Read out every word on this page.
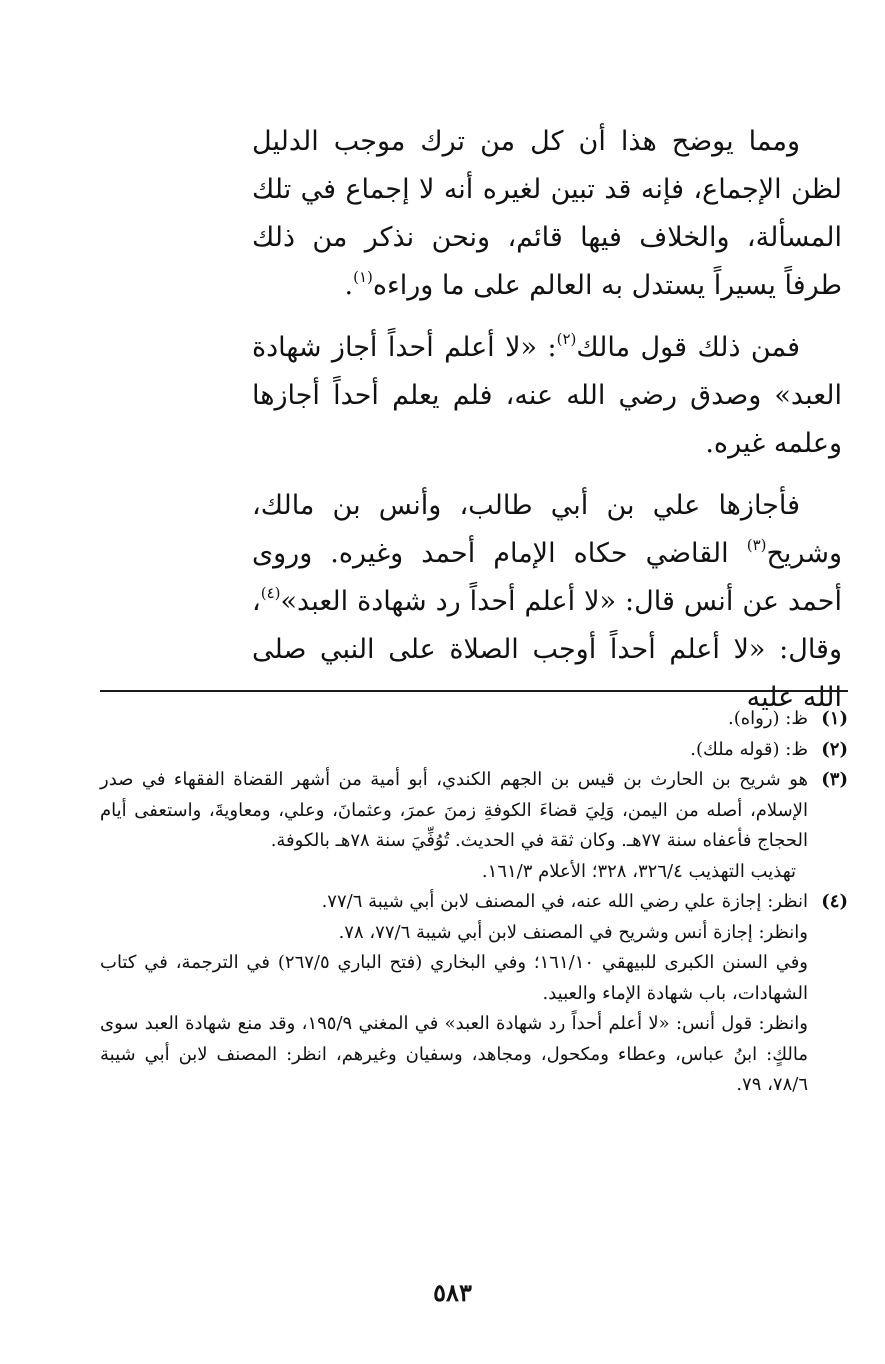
ومما يوضح هذا أن كل من ترك موجب الدليل لظن الإجماع، فإنه قد تبين لغيره أنه لا إجماع في تلك المسألة، والخلاف فيها قائم، ونحن نذكر من ذلك طرفاً يسيراً يستدل به العالم على ما وراءه$^{(١)}$.

فمن ذلك قول مالك$^{(٢)}$: «لا أعلم أحداً أجاز شهادة العبد» وصدق رضي الله عنه، فلم يعلم أحداً أجازها وعلمه غيره.

فأجازها علي بن أبي طالب، وأنس بن مالك، وشريح$^{(٣)}$ القاضي حكاه الإمام أحمد وغيره. وروى أحمد عن أنس قال: «لا أعلم أحداً رد شهادة العبد»$^{(٤)}$، وقال: «لا أعلم أحداً أوجب الصلاة على النبي صلى الله عليه

(١)

ظ: (رواه).

(٢)

ظ: (قوله ملك).

(٣)

هو شريح بن الحارث بن قيس بن الجهم الكندي، أبو أمية من أشهر القضاة الفقهاء في صدر الإسلام، أصله من اليمن، وَلِيَ قضاءَ الكوفةِ زمنَ عمرَ، وعثمانَ، وعلي، ومعاويةَ، واستعفى أيام الحجاج فأعفاه سنة ٧٧هـ. وكان ثقة في الحديث. تُوُفِّيَ سنة ٧٨هـ بالكوفة.

تهذيب التهذيب ٣٢٦/٤، ٣٢٨؛ الأعلام ١٦١/٣.

(٤)

انظر: إجازة علي رضي الله عنه، في المصنف لابن أبي شيبة ٧٧/٦.

وانظر: إجازة أنس وشريح في المصنف لابن أبي شيبة ٧٧/٦، ٧٨.

وفي السنن الكبرى للبيهقي ١٦١/١٠؛ وفي البخاري (فتح الباري ٢٦٧/٥) في الترجمة، في كتاب الشهادات، باب شهادة الإماء والعبيد.

وانظر: قول أنس: «لا أعلم أحداً رد شهادة العبد» في المغني ١٩٥/٩، وقد منع شهادة العبد سوى مالكٍ: ابنُ عباس، وعطاء ومكحول، ومجاهد، وسفيان وغيرهم، انظر: المصنف لابن أبي شيبة ٧٨/٦، ٧٩.

٥٨٣
